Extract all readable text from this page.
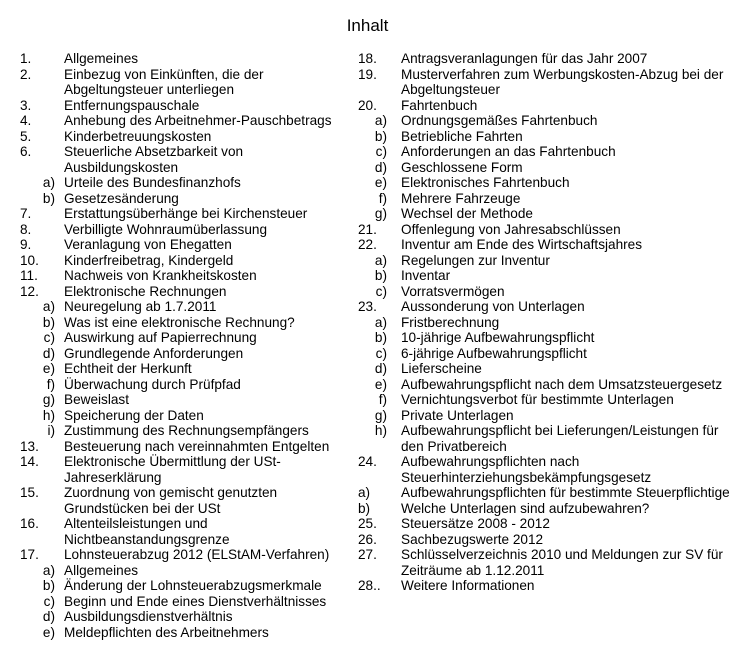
Inhalt
1. Allgemeines
2. Einbezug von Einkünften, die der Abgeltungsteuer unterliegen
3. Entfernungspauschale
4. Anhebung des Arbeitnehmer-Pauschbetrags
5. Kinderbetreuungskosten
6. Steuerliche Absetzbarkeit von Ausbildungskosten
a) Urteile des Bundesfinanzhofs
b) Gesetzesänderung
7. Erstattungsüberhänge bei Kirchensteuer
8. Verbilligte Wohnraumüberlassung
9. Veranlagung von Ehegatten
10. Kinderfreibetrag, Kindergeld
11. Nachweis von Krankheitskosten
12. Elektronische Rechnungen
a) Neuregelung ab 1.7.2011
b) Was ist eine elektronische Rechnung?
c) Auswirkung auf Papierrechnung
d) Grundlegende Anforderungen
e) Echtheit der Herkunft
f) Überwachung durch Prüfpfad
g) Beweislast
h) Speicherung der Daten
i) Zustimmung des Rechnungsempfängers
13. Besteuerung nach vereinnahmten Entgelten
14. Elektronische Übermittlung der USt-Jahreserklärung
15. Zuordnung von gemischt genutzten Grundstücken bei der USt
16. Altenteilsleistungen und Nichtbeanstandungsgrenze
17. Lohnsteuerabzug 2012 (ELStAM-Verfahren)
a) Allgemeines
b) Änderung der Lohnsteuerabzugsmerkmale
c) Beginn und Ende eines Dienstverhältnisses
d) Ausbildungsdienstverhältnis
e) Meldepflichten des Arbeitnehmers
18. Antragsveranlagungen für das Jahr 2007
19. Musterverfahren zum Werbungskosten-Abzug bei der Abgeltungsteuer
20. Fahrtenbuch
a) Ordnungsgemäßes Fahrtenbuch
b) Betriebliche Fahrten
c) Anforderungen an das Fahrtenbuch
d) Geschlossene Form
e) Elektronisches Fahrtenbuch
f) Mehrere Fahrzeuge
g) Wechsel der Methode
21. Offenlegung von Jahresabschlüssen
22. Inventur am Ende des Wirtschaftsjahres
a) Regelungen zur Inventur
b) Inventar
c) Vorratsvermögen
23. Aussonderung von Unterlagen
a) Fristberechnung
b) 10-jährige Aufbewahrungspflicht
c) 6-jährige Aufbewahrungspflicht
d) Lieferscheine
e) Aufbewahrungspflicht nach dem Umsatzsteuergesetz
f) Vernichtungsverbot für bestimmte Unterlagen
g) Private Unterlagen
h) Aufbewahrungspflicht bei Lieferungen/Leistungen für den Privatbereich
24. Aufbewahrungspflichten nach Steuerhinterziehungsbekämpfungsgesetz
a) Aufbewahrungspflichten für bestimmte Steuerpflichtige
b) Welche Unterlagen sind aufzubewahren?
25. Steuersätze 2008 - 2012
26. Sachbezugswerte 2012
27. Schlüsselverzeichnis 2010 und Meldungen zur SV für Zeiträume ab 1.12.2011
28.. Weitere Informationen
